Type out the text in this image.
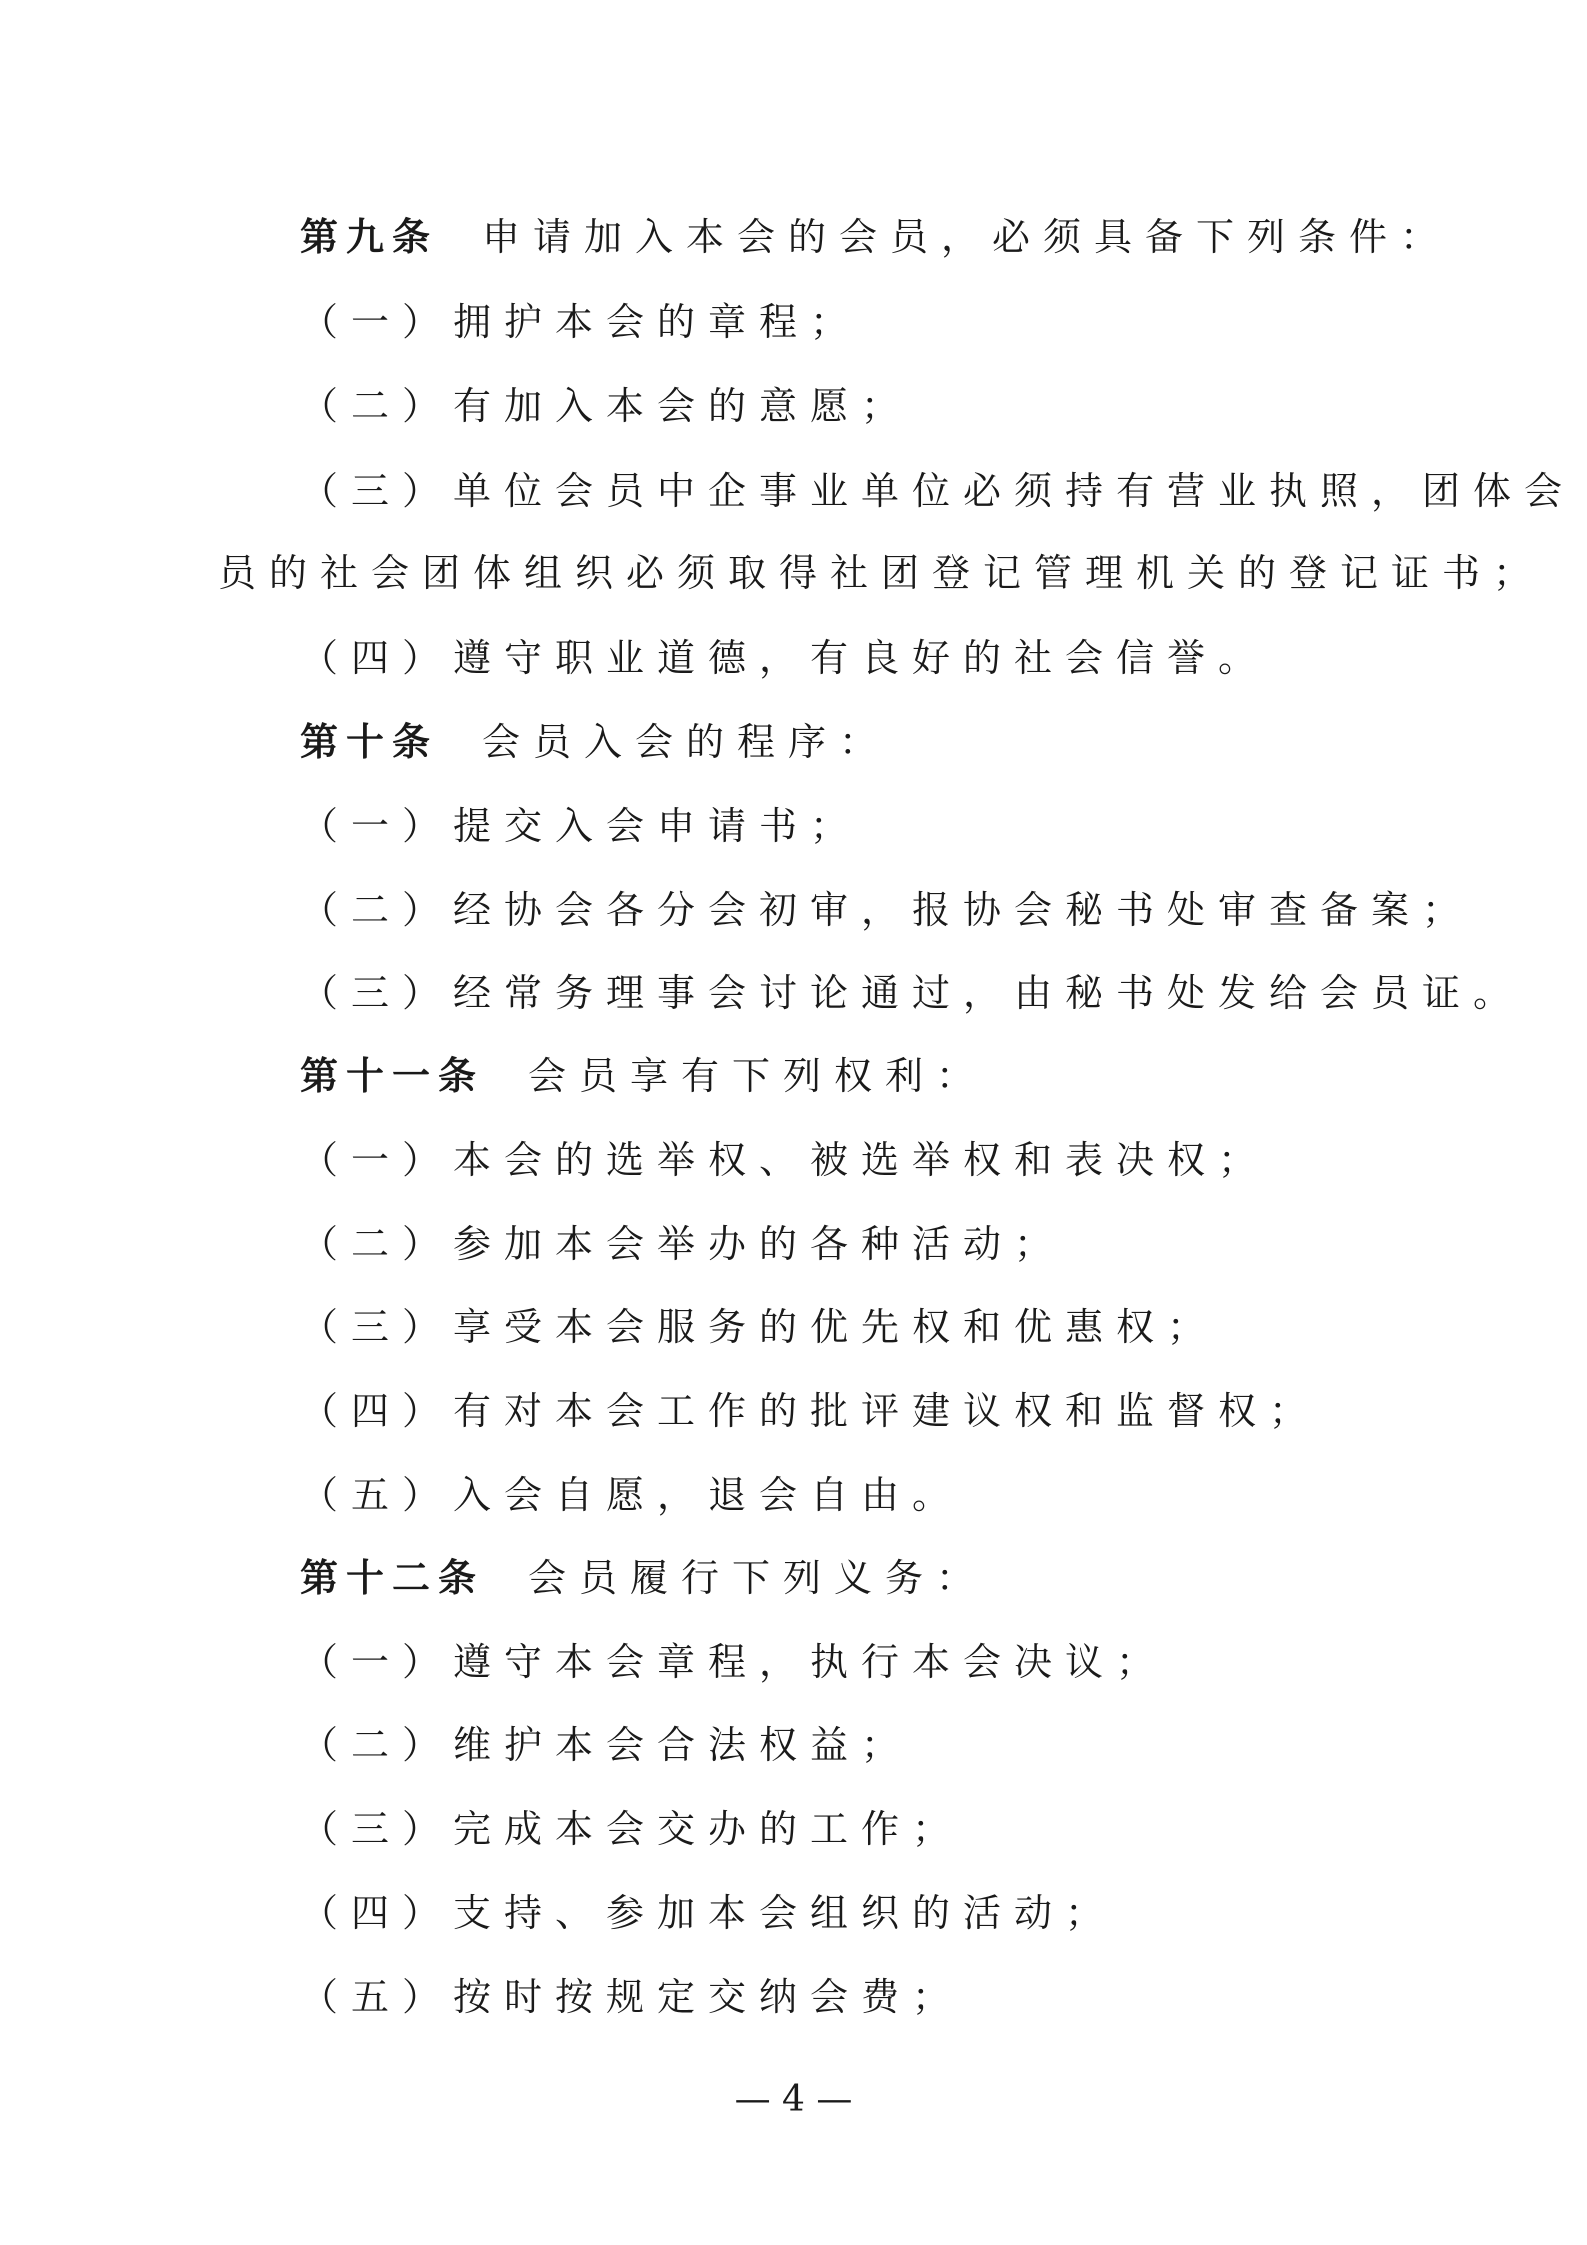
第九条 申请加入本会的会员，必须具备下列条件：
（一）拥护本会的章程；
（二）有加入本会的意愿；
（三）单位会员中企事业单位必须持有营业执照，团体会
员的社会团体组织必须取得社团登记管理机关的登记证书；
（四）遵守职业道德，有良好的社会信誉。
第十条 会员入会的程序：
（一）提交入会申请书；
（二）经协会各分会初审，报协会秘书处审查备案；
（三）经常务理事会讨论通过，由秘书处发给会员证。
第十一条 会员享有下列权利：
（一）本会的选举权、被选举权和表决权；
（二）参加本会举办的各种活动；
（三）享受本会服务的优先权和优惠权；
（四）有对本会工作的批评建议权和监督权；
（五）入会自愿，退会自由。
第十二条 会员履行下列义务：
（一）遵守本会章程，执行本会决议；
（二）维护本会合法权益；
（三）完成本会交办的工作；
（四）支持、参加本会组织的活动；
（五）按时按规定交纳会费；
— 4 —
